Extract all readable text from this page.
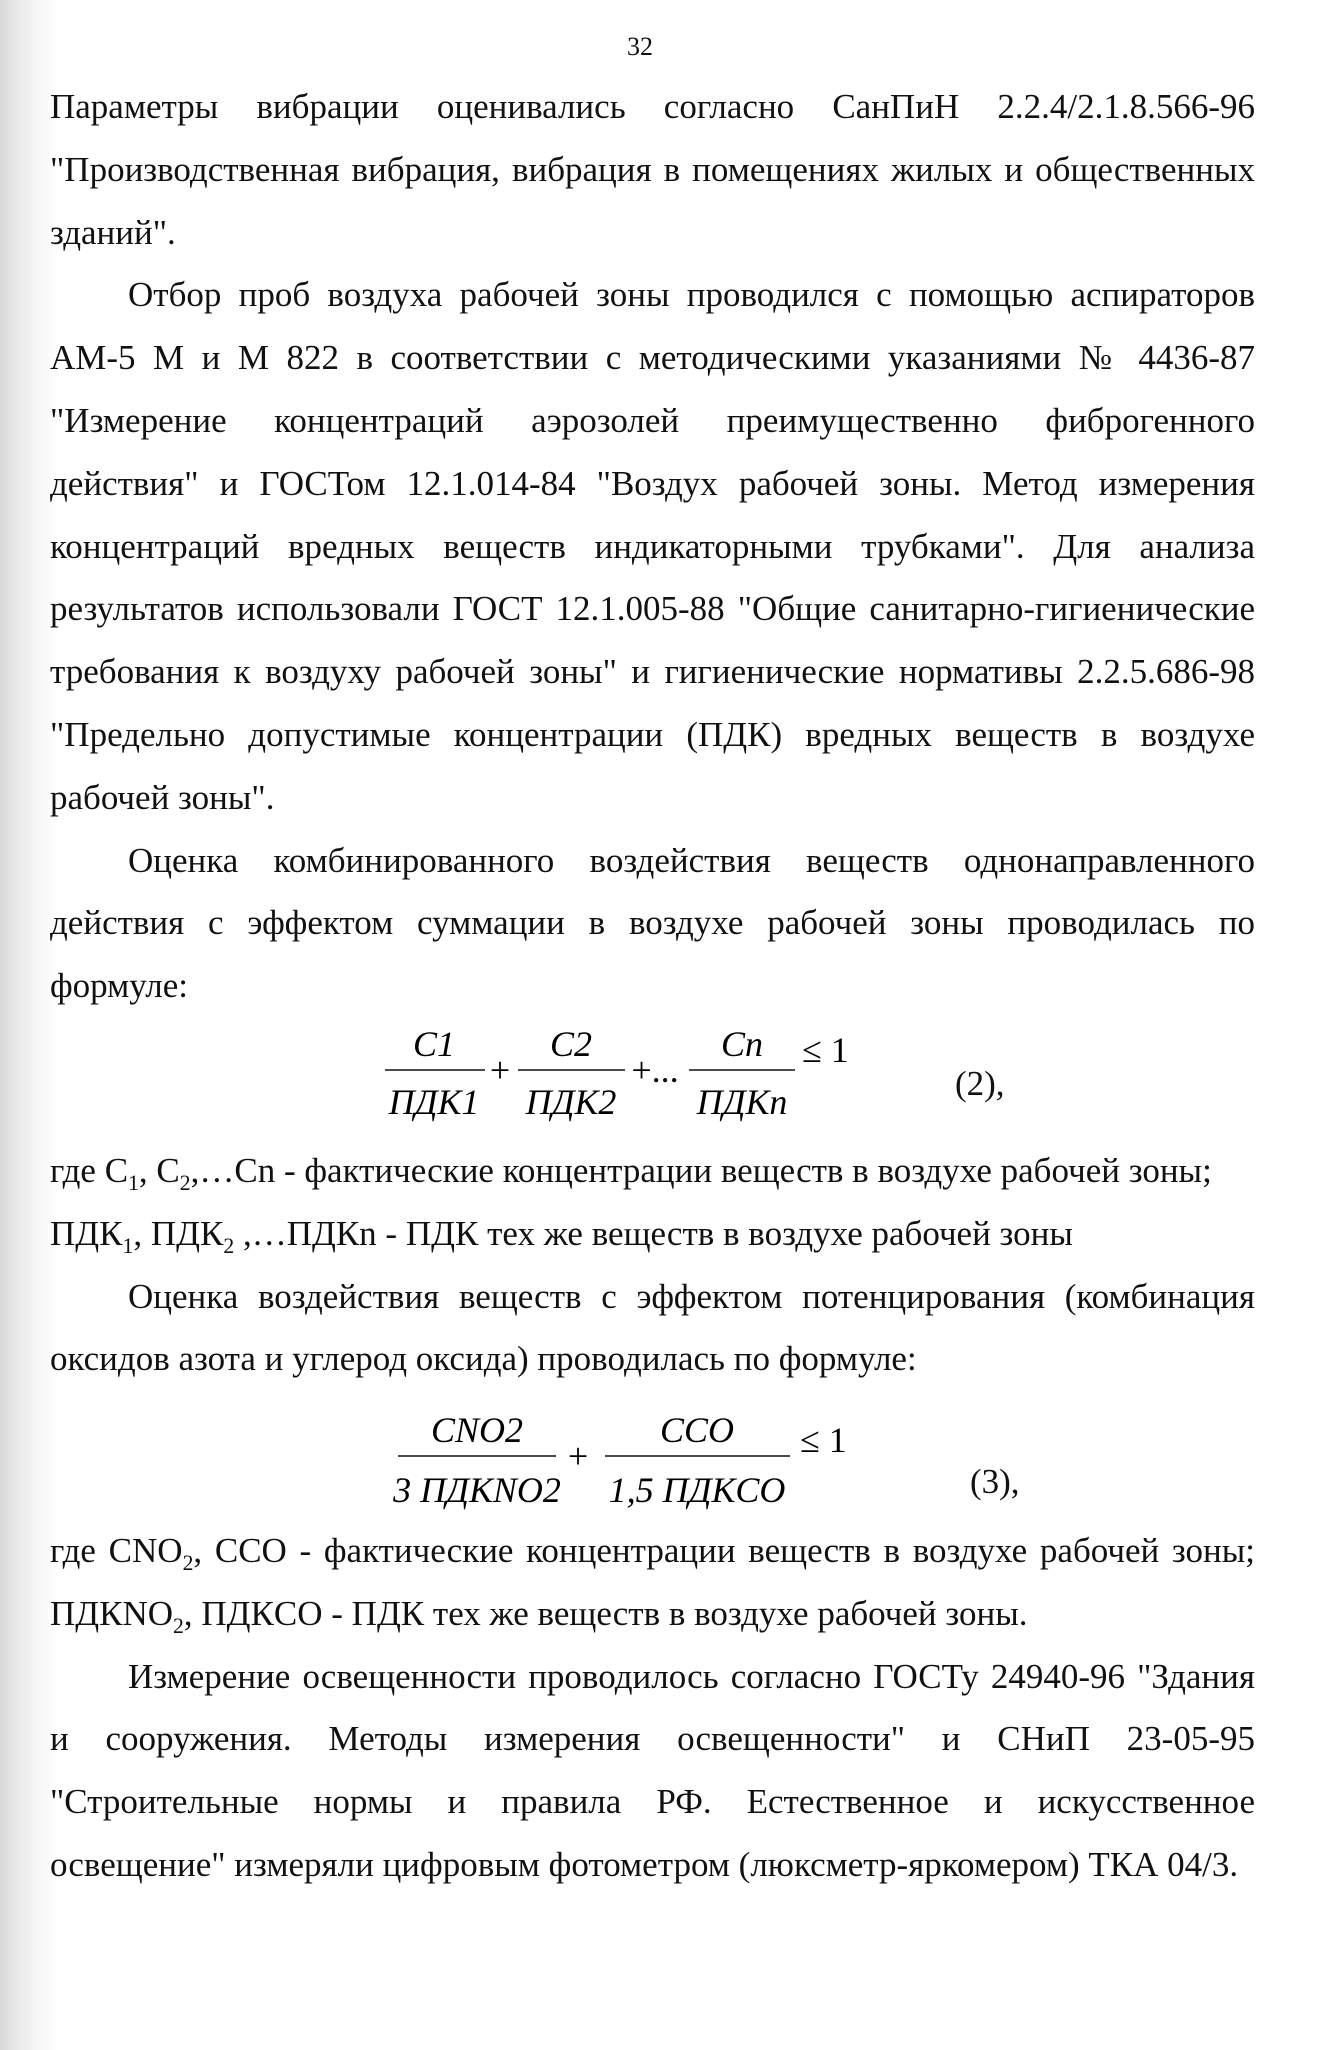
32

Параметры вибрации оценивались согласно СанПиН 2.2.4/2.1.8.566-96 "Производственная вибрация, вибрация в помещениях жилых и общественных зданий".

Отбор проб воздуха рабочей зоны проводился с помощью аспираторов АМ-5 М и М 822 в соответствии с методическими указаниями № 4436-87 "Измерение концентраций аэрозолей преимущественно фиброгенного действия" и ГОСТом 12.1.014-84 "Воздух рабочей зоны. Метод измерения концентраций вредных веществ индикаторными трубками". Для анализа результатов использовали ГОСТ 12.1.005-88 "Общие санитарно-гигиенические требования к воздуху рабочей зоны" и гигиенические нормативы 2.2.5.686-98 "Предельно допустимые концентрации (ПДК) вредных веществ в воздухе рабочей зоны".

Оценка комбинированного воздействия веществ однонаправленного действия с эффектом суммации в воздухе рабочей зоны проводилась по формуле:

C1
ПДК1
+
C2
ПДК2
+...
Cn
ПДКn
≤ 1

(2),

где $C_1$, $C_2,\dots Cn$ - фактические концентрации веществ в воздухе рабочей зоны;

$ПДК_1$, $ПДК_2$ ,…ПДКn - ПДК тех же веществ в воздухе рабочей зоны

Оценка воздействия веществ с эффектом потенцирования (комбинация оксидов азота и углерод оксида) проводилась по формуле:

CNO2
3 ПДКNO2
+
CCO
1,5 ПДКCO
≤ 1

(3),

где $CNO_2$, CCO - фактические концентрации веществ в воздухе рабочей зоны; $ПДКNO_2$, ПДКCO - ПДК тех же веществ в воздухе рабочей зоны.

Измерение освещенности проводилось согласно ГОСТу 24940-96 "Здания и сооружения. Методы измерения освещенности" и СНиП 23-05-95 "Строительные нормы и правила РФ. Естественное и искусственное освещение" измеряли цифровым фотометром (люксметр-яркомером) ТКА 04/3.
